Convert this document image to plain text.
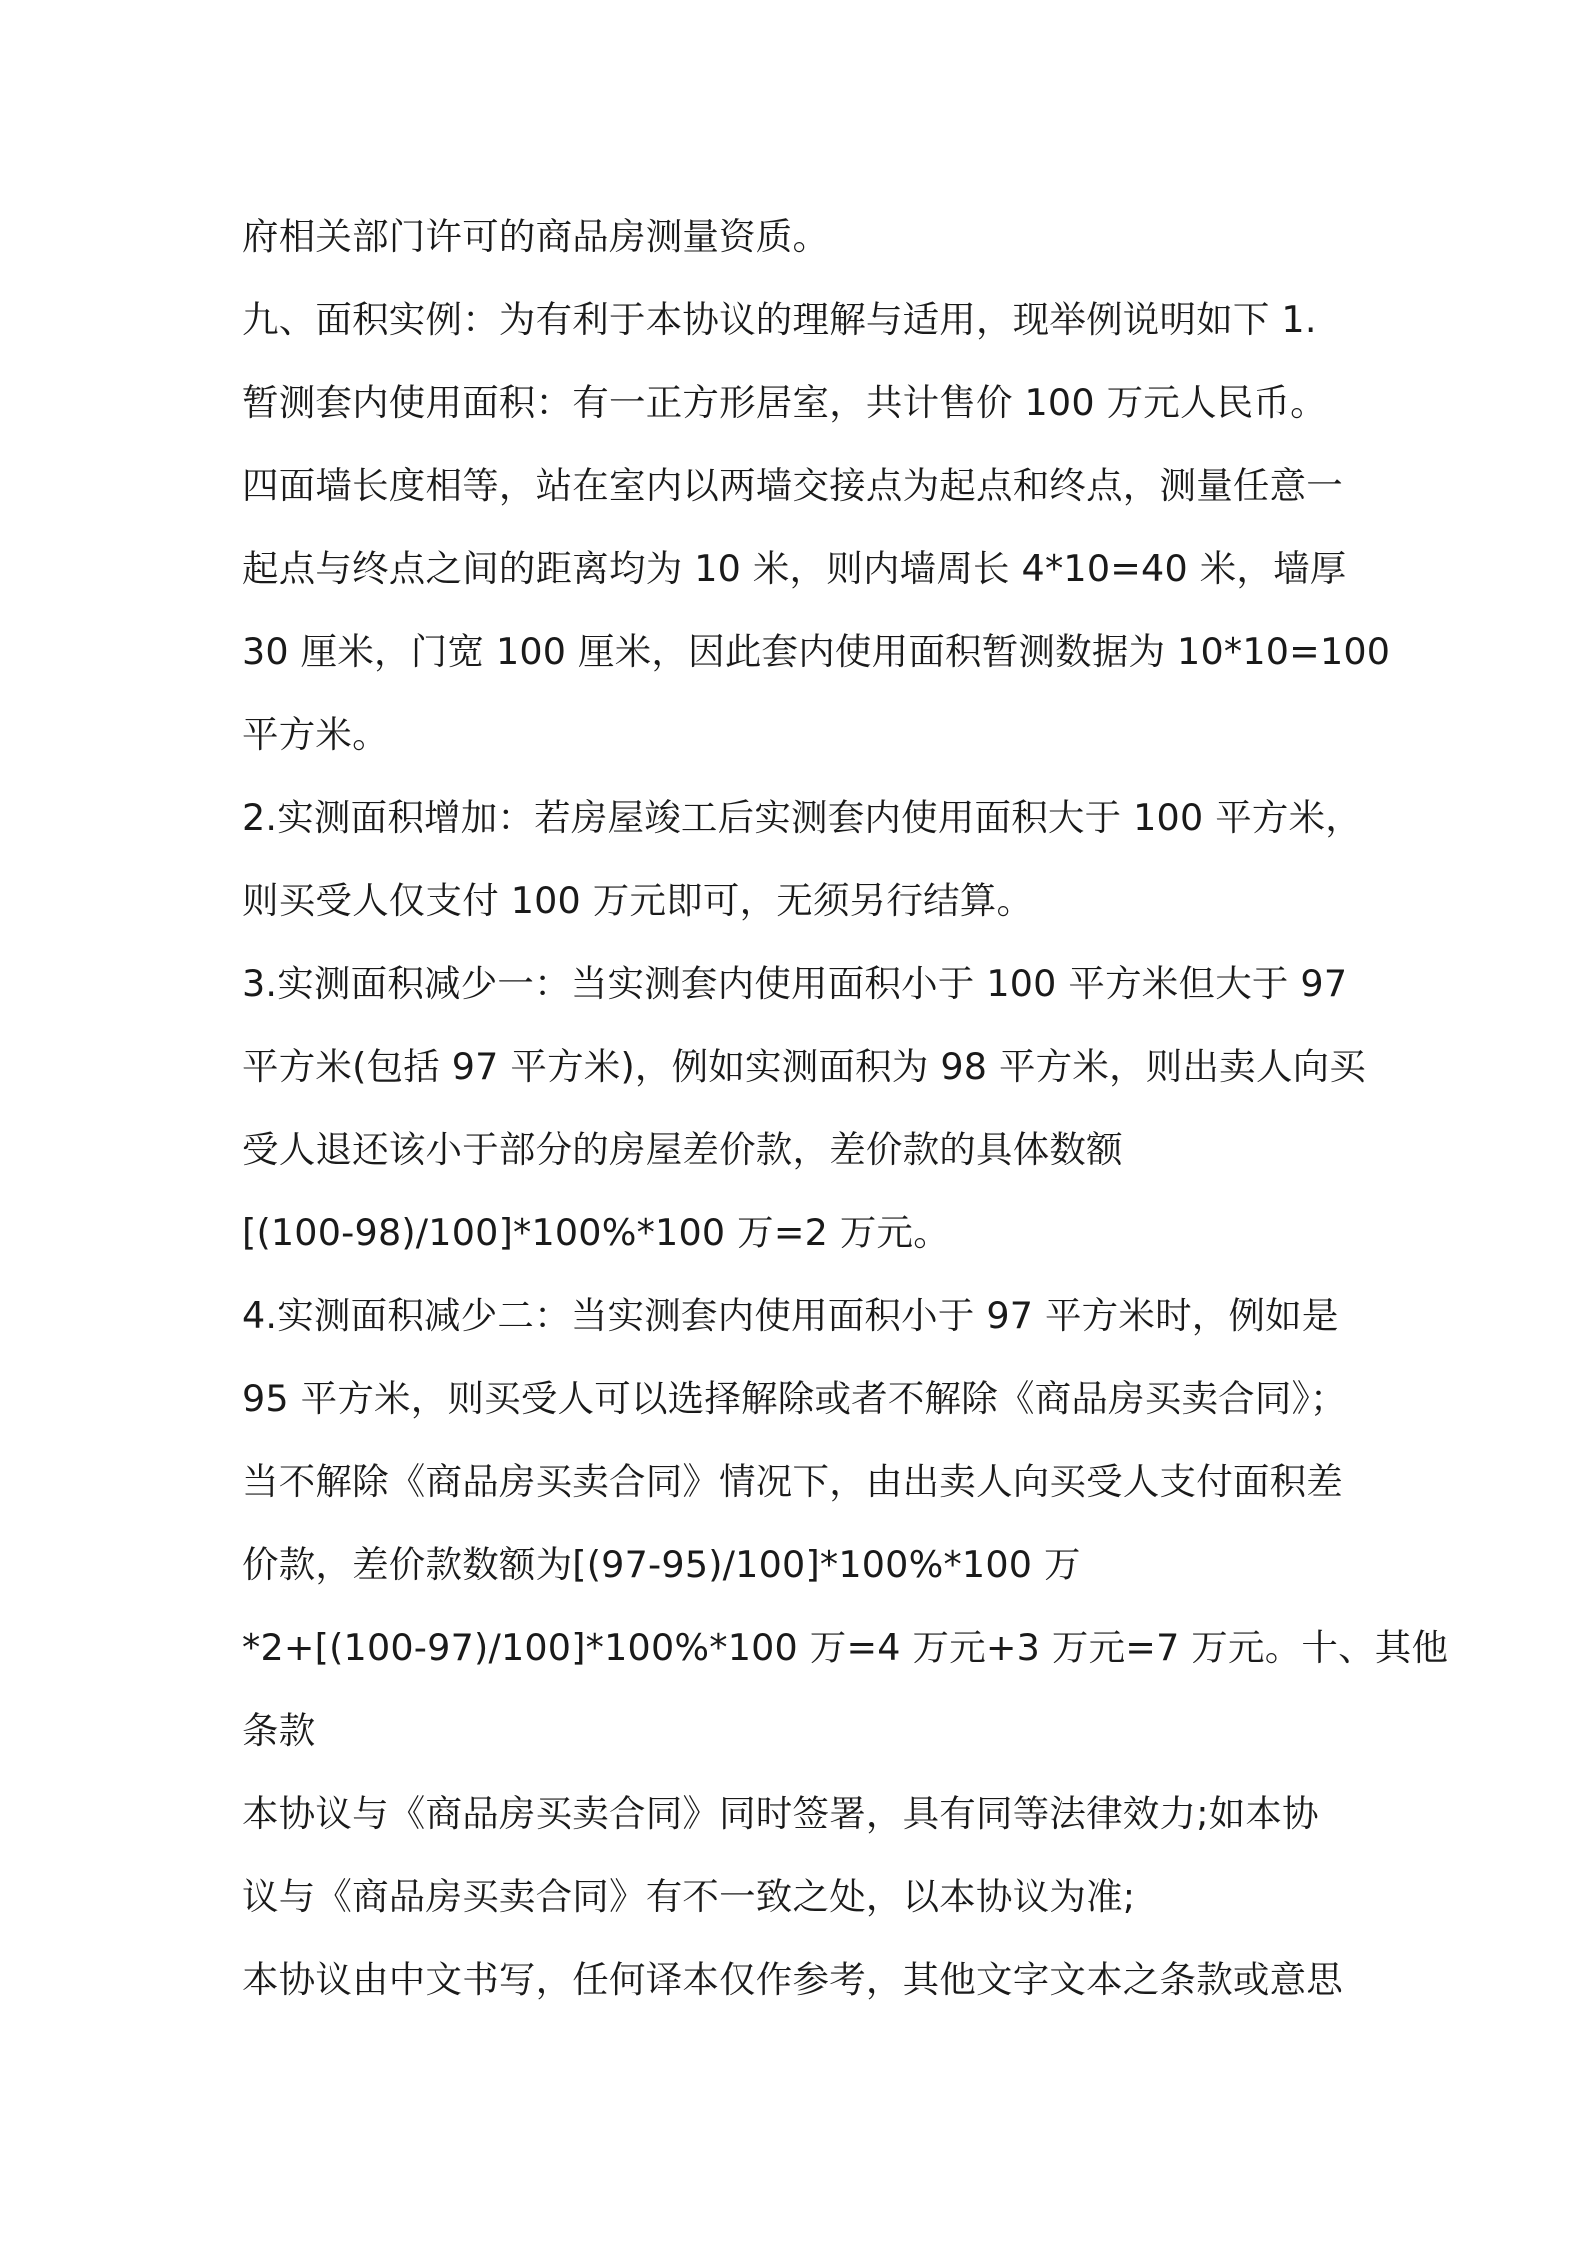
府相关部门许可的商品房测量资质。
九、面积实例：为有利于本协议的理解与适用，现举例说明如下 1.
暂测套内使用面积：有一正方形居室，共计售价 100 万元人民币。
四面墙长度相等，站在室内以两墙交接点为起点和终点，测量任意一
起点与终点之间的距离均为 10 米，则内墙周长 4*10=40 米，墙厚
30 厘米，门宽 100 厘米，因此套内使用面积暂测数据为 10*10=100
平方米。
2.实测面积增加：若房屋竣工后实测套内使用面积大于 100 平方米，
则买受人仅支付 100 万元即可，无须另行结算。
3.实测面积减少一：当实测套内使用面积小于 100 平方米但大于 97
平方米(包括 97 平方米)，例如实测面积为 98 平方米，则出卖人向买
受人退还该小于部分的房屋差价款，差价款的具体数额
[(100-98)/100]*100%*100 万=2 万元。
4.实测面积减少二：当实测套内使用面积小于 97 平方米时，例如是
95 平方米，则买受人可以选择解除或者不解除《商品房买卖合同》；
当不解除《商品房买卖合同》情况下，由出卖人向买受人支付面积差
价款，差价款数额为[(97-95)/100]*100%*100 万
*2+[(100-97)/100]*100%*100 万=4 万元+3 万元=7 万元。十、其他
条款
本协议与《商品房买卖合同》同时签署，具有同等法律效力;如本协
议与《商品房买卖合同》有不一致之处，以本协议为准;
本协议由中文书写，任何译本仅作参考，其他文字文本之条款或意思
